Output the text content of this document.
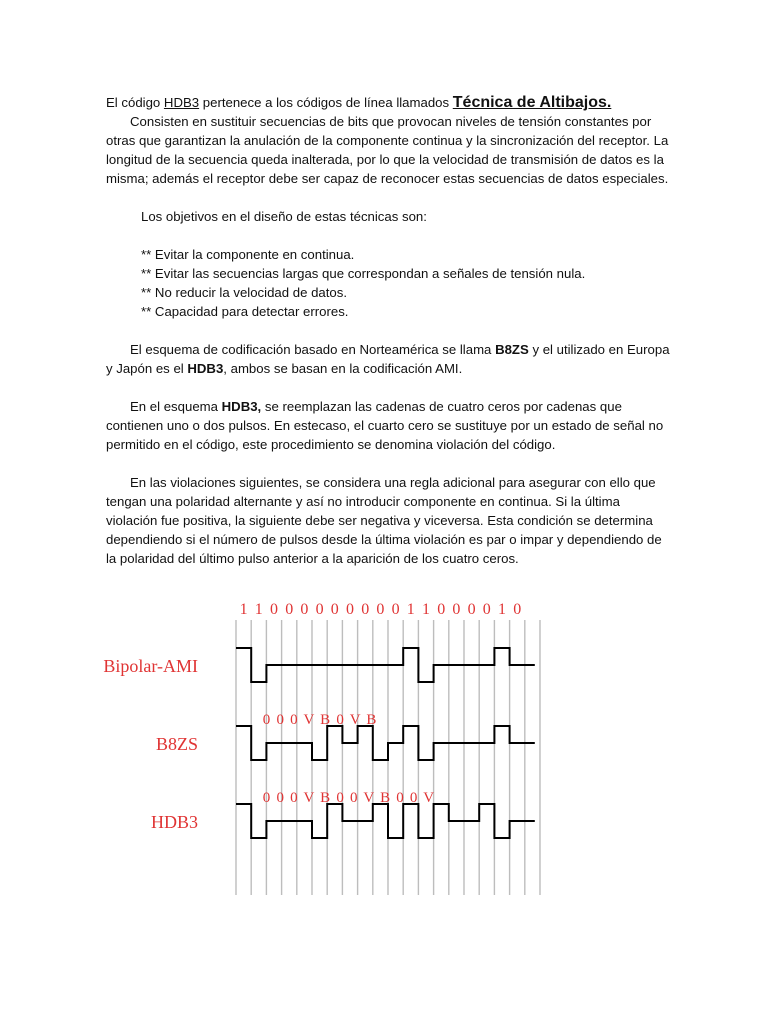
El código HDB3 pertenece a los códigos de línea llamados Técnica de Altibajos.

Consisten en sustituir secuencias de bits que provocan niveles de tensión constantes por otras que garantizan la anulación de la componente continua y la sincronización del receptor. La longitud de la secuencia queda inalterada, por lo que la velocidad de transmisión de datos es la misma; además el receptor debe ser capaz de reconocer estas secuencias de datos especiales.

Los objetivos en el diseño de estas técnicas son:

** Evitar la componente en continua.

** Evitar las secuencias largas que correspondan a señales de tensión nula.

** No reducir la velocidad de datos.

** Capacidad para detectar errores.

El esquema de codificación basado en Norteamérica se llama B8ZS y el utilizado en Europa y Japón es el HDB3, ambos se basan en la codificación AMI.

En el esquema HDB3, se reemplazan las cadenas de cuatro ceros por cadenas que contienen uno o dos pulsos. En estecaso, el cuarto cero se sustituye por un estado de señal no permitido en el código, este procedimiento se denomina violación del código.

En las violaciones siguientes, se considera una regla adicional para asegurar con ello que tengan una polaridad alternante y así no introducir componente en continua. Si la última violación fue positiva, la siguiente debe ser negativa y viceversa. Esta condición se determina dependiendo si el número de pulsos desde la última violación es par o impar y dependiendo de la polaridad del último pulso anterior a la aparición de los cuatro ceros.

1 1 0 0 0 0 0 0 0 0 0 1 1 0 0 0 0 1 0
Bipolar-AMI
B8ZS
0 0 0 V B 0 V B
HDB3
0 0 0 V B 0 0 V B 0 0 V
